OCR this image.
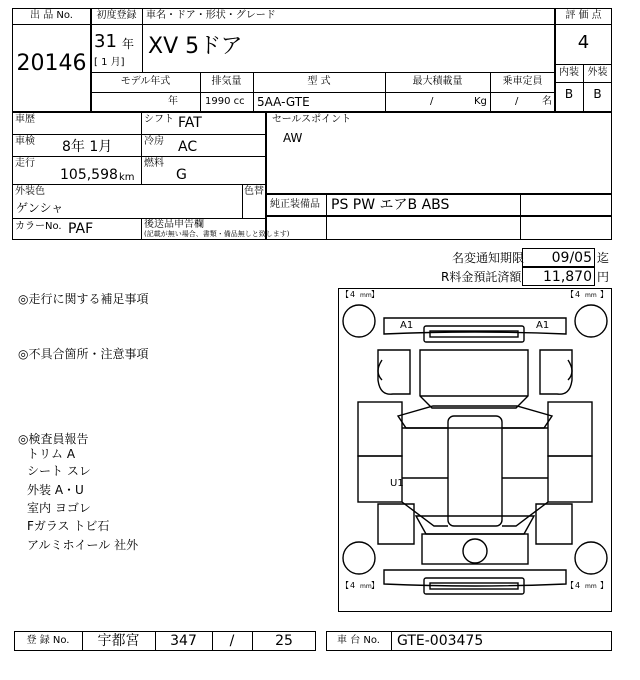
出 品 No.
20146
初度登録 車名・ドア・形状・グレード
31 年
[ 1 月]
XV 5ドア
モデル年式	排気量	型 式	最大積載量	乗車定員
年	1990 cc 5AA-GTE	/	Kg	/ 名
評 価 点
4
内装 外装
B	B
車歴	シフト FAT
車検 8年 1月	冷房 AC
走行
105,598 km
燃料
G
外装色
ゲンシャ
色替
カラーNo. PAF	後送品申告欄
(記載が無い場合、書類・備品無しと致します)
セールスポイント
AW
純正装備品 PS PW エアB ABS
名変通知期限	09/05 迄
R料金預託済額	11,870 円
◎走行に関する補足事項
◎不具合箇所・注意事項
◎検査員報告
トリム A
シート スレ
外装 A・U
室内 ヨゴレ
Fガラス トビ石
アルミホイール 社外
【 4 mm 】	【 4 mm 】
【 4 mm 】	【 4 mm 】
A1	A1
U1
登 録 No.	宇都宮	347	/	25	車 台 No.	GTE-003475
